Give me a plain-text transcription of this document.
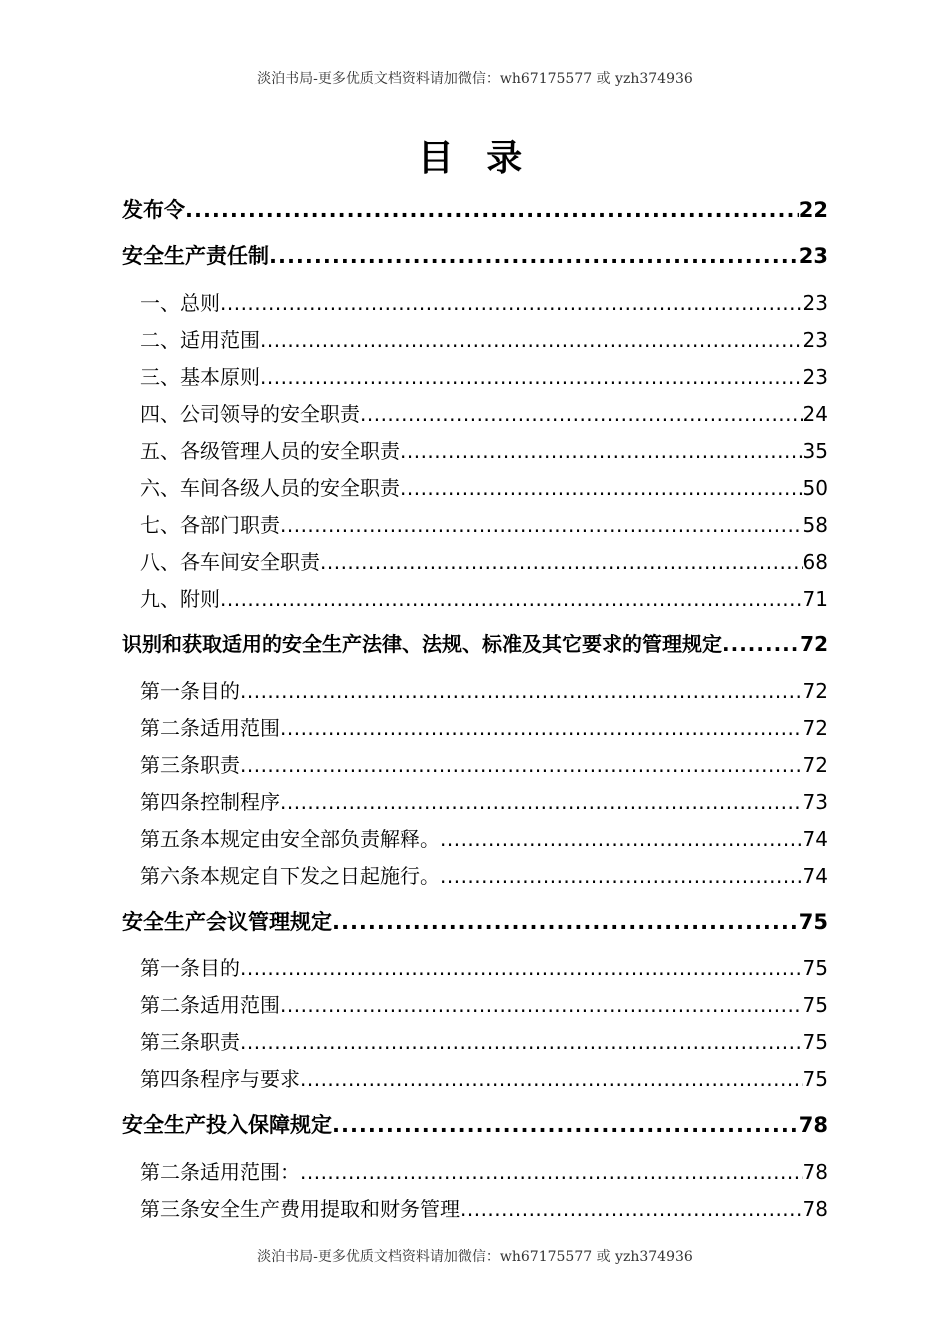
淡泊书局-更多优质文档资料请加微信：wh67175577 或 yzh374936
目 录
发布令 .....	22
安全生产责任制 .....	23
一、总则 .....	23
二、适用范围 .....	23
三、基本原则 .....	23
四、公司领导的安全职责 .....	24
五、各级管理人员的安全职责 .....	35
六、车间各级人员的安全职责 .....	50
七、各部门职责 .....	58
八、各车间安全职责 .....	68
九、附则 .....	71
识别和获取适用的安全生产法律、法规、标准及其它要求的管理规定 .....	72
第一条目的 .....	72
第二条适用范围 .....	72
第三条职责 .....	72
第四条控制程序 .....	73
第五条本规定由安全部负责解释。 .....	74
第六条本规定自下发之日起施行。 .....	74
安全生产会议管理规定 .....	75
第一条目的 .....	75
第二条适用范围 .....	75
第三条职责 .....	75
第四条程序与要求 .....	75
安全生产投入保障规定 .....	78
第二条适用范围： .....	78
第三条安全生产费用提取和财务管理 .....	78
淡泊书局-更多优质文档资料请加微信：wh67175577 或 yzh374936
